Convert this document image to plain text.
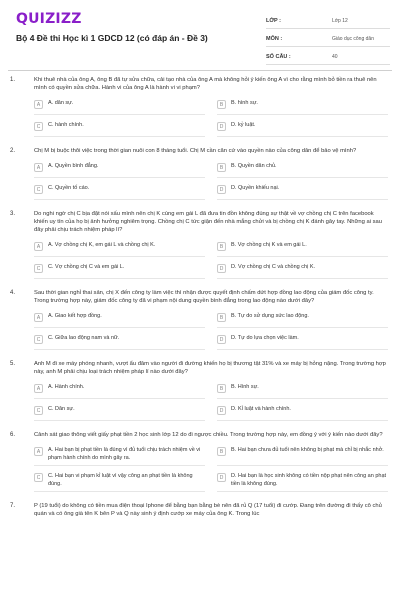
QUIZIZZ
Bộ 4 Đề thi Học kì 1 GDCD 12 (có đáp án - Đề 3)
LỚP :	Lớp 12
MÔN :	Giáo dục công dân
SỐ CÂU :	40
1.	Khi thuê nhà của ông A, ông B đã tự sửa chữa, cải tạo nhà của ông A mà không hỏi ý kiến ông A vì cho rằng mình bỏ tiền ra thuê nên mình có quyền sửa chữa. Hành vi của ông A là hành vi vi phạm?
A	A. dân sự.	B	B. hình sự.
C	C. hành chính.	D	D. kỷ luật.
2.	Chị M bị buộc thôi việc trong thời gian nuôi con 8 tháng tuổi. Chị M cần căn cứ vào quyền nào của công dân để bảo vệ mình?
A	A. Quyền bình đẳng.	B	B. Quyền dân chủ.
C	C. Quyền tố cáo.	D	D. Quyền khiếu nại.
3.	Do nghi ngờ chị C bịa đặt nói xấu mình nên chị K cùng em gái L đã đưa tin đồn không đúng sự thật về vợ chồng chị C trên facebook khiến uy tín của họ bị ảnh hưởng nghiêm trọng. Chồng chị C tức giận đến nhà mắng chửi và bị chồng chị K đánh gây tay. Những ai sau đây phải chịu trách nhiệm pháp lí?
A	A. Vợ chồng chị K, em gái L và chồng chị K.	B	B. Vợ chồng chị K và em gái L.
C	C. Vợ chồng chị C và em gái L.	D	D. Vợ chồng chị C và chồng chị K.
4.	Sau thời gian nghỉ thai sản, chị X đến công ty làm việc thì nhận được quyết định chấm dứt hợp đồng lao động của giám đốc công ty. Trong trường hợp này, giám đốc công ty đã vi phạm nội dung quyền bình đẳng trong lao động nào dưới đây?
A	A. Giao kết hợp đồng.	B	B. Tự do sử dụng sức lao động.
C	C. Giữa lao động nam và nữ.	D	D. Tự do lựa chọn việc làm.
5.	Anh M đi xe máy phóng nhanh, vượt ẩu đâm vào người đi đường khiến họ bị thương tật 31% và xe máy bị hỏng nặng. Trong trường hợp này, anh M phải chịu loại trách nhiệm pháp lí nào dưới đây?
A	A. Hành chính.	B	B. Hình sự.
C	C. Dân sự.	D	D. Kỉ luật và hành chính.
6.	Cảnh sát giao thông viết giấy phạt tiền 2 học sinh lớp 12 do đi ngược chiều. Trong trường hợp này, em đồng ý với ý kiến nào dưới đây?
A	A. Hai bạn bị phạt tiền là đúng vì đủ tuổi chịu trách nhiệm về vi phạm hành chính do mình gây ra.
B	B. Hai bạn chưa đủ tuổi nên không bị phạt mà chỉ bị nhắc nhở.
C	C. Hai bạn vi phạm kỉ luật vì vậy công an phạt tiền là không đúng.
D	D. Hai bạn là học sinh không có tiền nộp phạt nên công an phạt tiền là không đúng.
7.	P (19 tuổi) do không có tiền mua điện thoại Iphone để bằng bạn bằng bè nên đã rủ Q (17 tuổi) đi cướp. Đang trên đường đi thấy cô chủ quán và có ông già tên K bên P và Q này sinh ý định cướp xe máy của ông K. Trong lúc
